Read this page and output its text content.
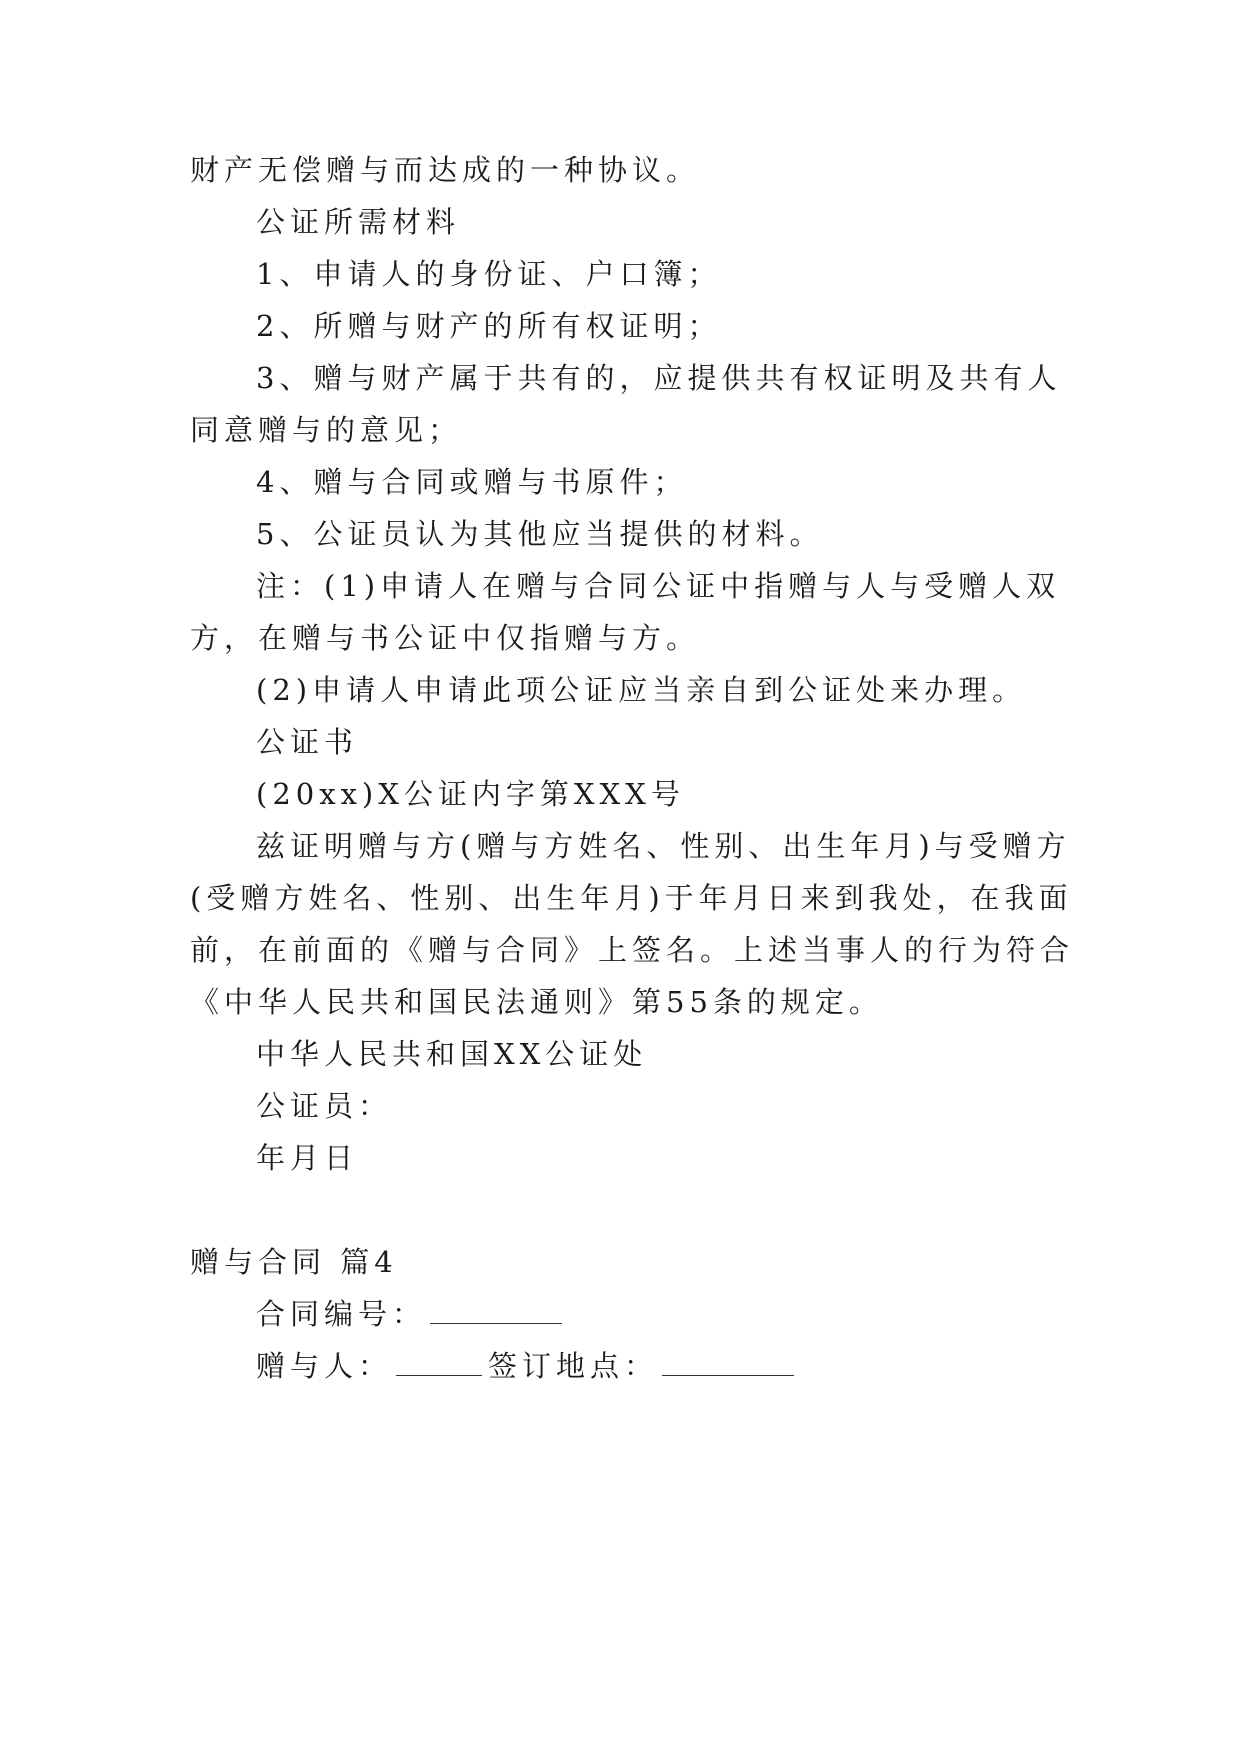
财产无偿赠与而达成的一种协议。
公证所需材料
1、申请人的身份证、户口簿；
2、所赠与财产的所有权证明；
3、赠与财产属于共有的，应提供共有权证明及共有人
同意赠与的意见；
4、赠与合同或赠与书原件；
5、公证员认为其他应当提供的材料。
注：(1)申请人在赠与合同公证中指赠与人与受赠人双
方，在赠与书公证中仅指赠与方。
(2)申请人申请此项公证应当亲自到公证处来办理。
公证书
(20xx)X公证内字第XXX号
兹证明赠与方(赠与方姓名、性别、出生年月)与受赠方
(受赠方姓名、性别、出生年月)于年月日来到我处，在我面
前，在前面的《赠与合同》上签名。上述当事人的行为符合
《中华人民共和国民法通则》第55条的规定。
中华人民共和国XX公证处
公证员：
年月日
赠与合同 篇4
合同编号：
赠与人：	签订地点：
